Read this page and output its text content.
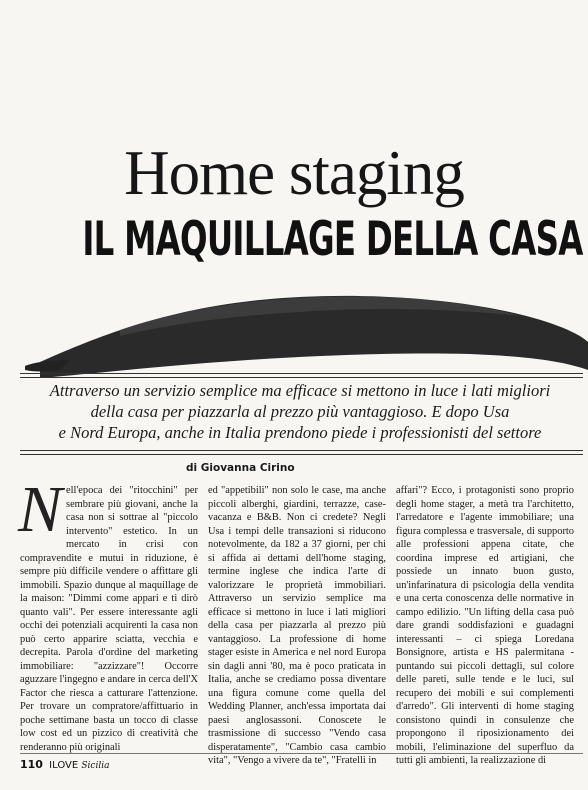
Home staging
IL MAQUILLAGE DELLA CASA
Attraverso un servizio semplice ma efficace si mettono in luce i lati migliori
della casa per piazzarla al prezzo più vantaggioso. E dopo Usa
e Nord Europa, anche in Italia prendono piede i professionisti del settore
di Giovanna Cirino

Nell'epoca dei "ritocchini" per sembrare più giovani, anche la casa non si sottrae al "piccolo intervento" estetico. In un mercato in crisi con compravendite e mutui in riduzione, è sempre più difficile vendere o affittare gli immobili. Spazio dunque al maquillage de la maison: "Dimmi come appari e ti dirò quanto vali". Per essere interessante agli occhi dei potenziali acquirenti la casa non può certo apparire sciatta, vecchia e decrepita. Parola d'ordine del marketing immobiliare: "azzizzare"! Occorre aguzzare l'ingegno e andare in cerca dell'X Factor che riesca a catturare l'attenzione. Per trovare un compratore/affittuario in poche settimane basta un tocco di classe low cost ed un pizzico di creatività che renderanno più originali

ed "appetibili" non solo le case, ma anche piccoli alberghi, giardini, terrazze, case-vacanza e B&B. Non ci credete? Negli Usa i tempi delle transazioni si riducono notevolmente, da 182 a 37 giorni, per chi si affida ai dettami dell'home staging, termine inglese che indica l'arte di valorizzare le proprietà immobiliari. Attraverso un servizio semplice ma efficace si mettono in luce i lati migliori della casa per piazzarla al prezzo più vantaggioso. La professione di home stager esiste in America e nel nord Europa sin dagli anni '80, ma è poco praticata in Italia, anche se crediamo possa diventare una figura comune come quella del Wedding Planner, anch'essa importata dai paesi anglosassoni. Conoscete le trasmissione di successo "Vendo casa disperatamente", "Cambio casa cambio vita", "Vengo a vivere da te", "Fratelli in

affari"? Ecco, i protagonisti sono proprio degli home stager, a metà tra l'architetto, l'arredatore e l'agente immobiliare; una figura complessa e trasversale, di supporto alle professioni appena citate, che coordina imprese ed artigiani, che possiede un innato buon gusto, un'infarinatura di psicologia della vendita e una certa conoscenza delle normative in campo edilizio. "Un lifting della casa può dare grandi soddisfazioni e guadagni interessanti – ci spiega Loredana Bonsignore, artista e HS palermitana - puntando sui piccoli dettagli, sul colore delle pareti, sulle tende e le luci, sul recupero dei mobili e sui complementi d'arredo". Gli interventi di home staging consistono quindi in consulenze che propongono il riposizionamento dei mobili, l'eliminazione del superfluo da tutti gli ambienti, la realizzazione di

110 ILOVE Sicilia
